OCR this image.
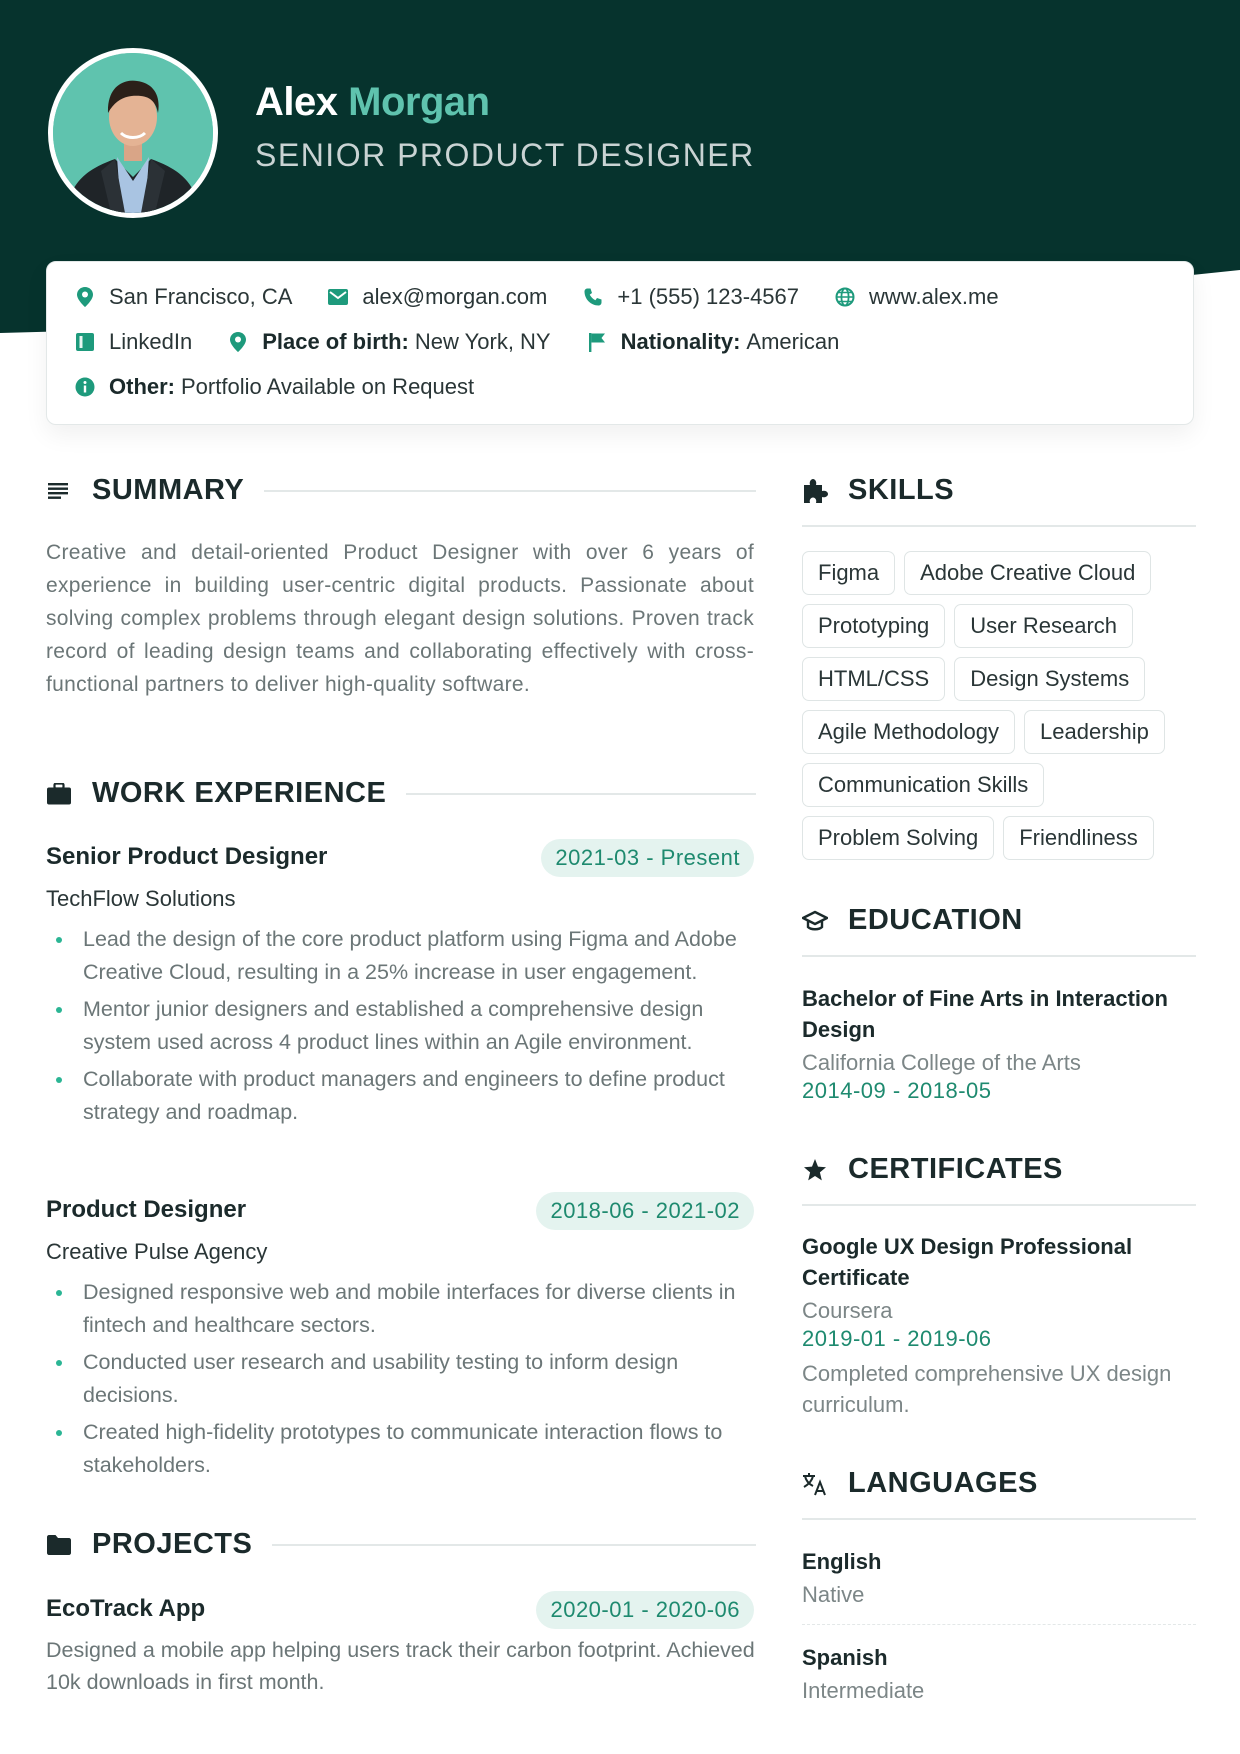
Alex Morgan
SENIOR PRODUCT DESIGNER
San Francisco, CA	alex@morgan.com	+1 (555) 123-4567	www.alex.me
LinkedIn	Place of birth: New York, NY	Nationality: American
Other: Portfolio Available on Request
SUMMARY

Creative and detail-oriented Product Designer with over 6 years of experience in building user-centric digital products. Passionate about solving complex problems through elegant design solutions. Proven track record of leading design teams and collaborating effectively with cross-functional partners to deliver high-quality software.

WORK EXPERIENCE
Senior Product Designer	2021-03 - Present
TechFlow Solutions
Lead the design of the core product platform using Figma and Adobe Creative Cloud, resulting in a 25% increase in user engagement.
Mentor junior designers and established a comprehensive design system used across 4 product lines within an Agile environment.
Collaborate with product managers and engineers to define product strategy and roadmap.
Product Designer	2018-06 - 2021-02
Creative Pulse Agency
Designed responsive web and mobile interfaces for diverse clients in fintech and healthcare sectors.
Conducted user research and usability testing to inform design decisions.
Created high-fidelity prototypes to communicate interaction flows to stakeholders.
PROJECTS
EcoTrack App	2020-01 - 2020-06

Designed a mobile app helping users track their carbon footprint. Achieved 10k downloads in first month.

SKILLS
Figma	Adobe Creative Cloud
Prototyping	User Research
HTML/CSS	Design Systems
Agile Methodology	Leadership
Communication Skills
Problem Solving	Friendliness
EDUCATION
Bachelor of Fine Arts in Interaction Design
California College of the Arts
2014-09 - 2018-05
CERTIFICATES
Google UX Design Professional Certificate
Coursera
2019-01 - 2019-06
Completed comprehensive UX design curriculum.
LANGUAGES
English
Native
Spanish
Intermediate
